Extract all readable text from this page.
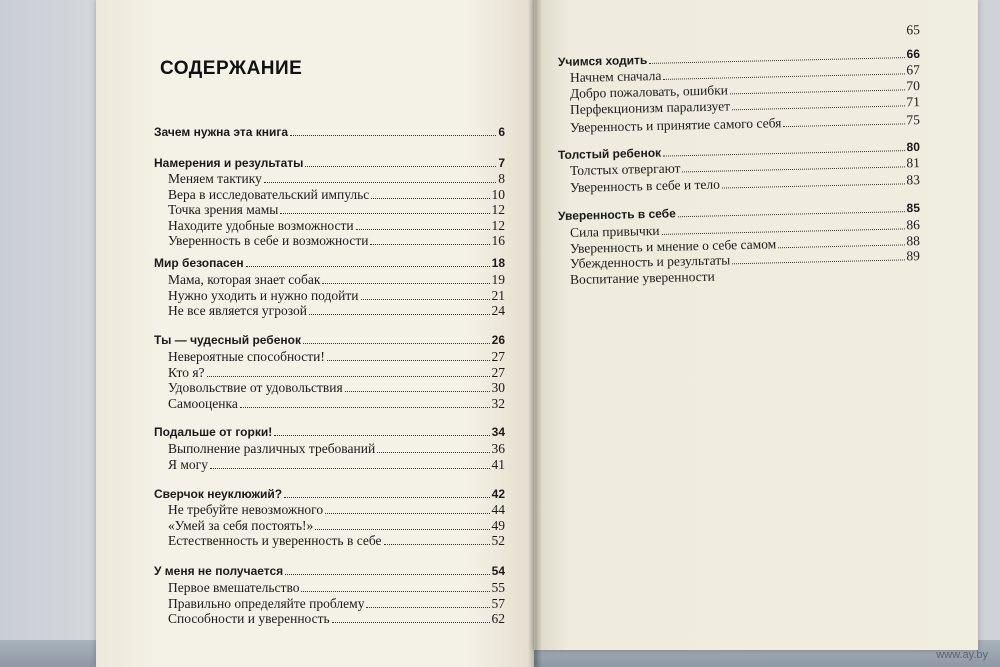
СОДЕРЖАНИЕ
Зачем нужна эта книга	6
Намерения и результаты	7
Меняем тактику	8
Вера в исследовательский импульс	10
Точка зрения мамы	12
Находите удобные возможности	12
Уверенность в себе и возможности	16
Мир безопасен	18
Мама, которая знает собак	19
Нужно уходить и нужно подойти	21
Не все является угрозой	24
Ты — чудесный ребенок	26
Невероятные способности!	27
Кто я?	27
Удовольствие от удовольствия	30
Самооценка	32
Подальше от горки!	34
Выполнение различных требований	36
Я могу	41
Сверчок неуклюжий?	42
Не требуйте невозможного	44
«Умей за себя постоять!»	49
Естественность и уверенность в себе	52
У меня не получается	54
Первое вмешательство	55
Правильно определяйте проблему	57
Способности и уверенность	62
65
Учимся ходить	66
Начнем сначала	67
Добро пожаловать, ошибки	70
Перфекционизм парализует	71
Уверенность и принятие самого себя	75
Толстый ребенок	80
Толстых отвергают	81
Уверенность в себе и тело	83
Уверенность в себе	85
Сила привычки	86
Уверенность и мнение о себе самом	88
Убежденность и результаты	89
Воспитание уверенности
www.ay.by
